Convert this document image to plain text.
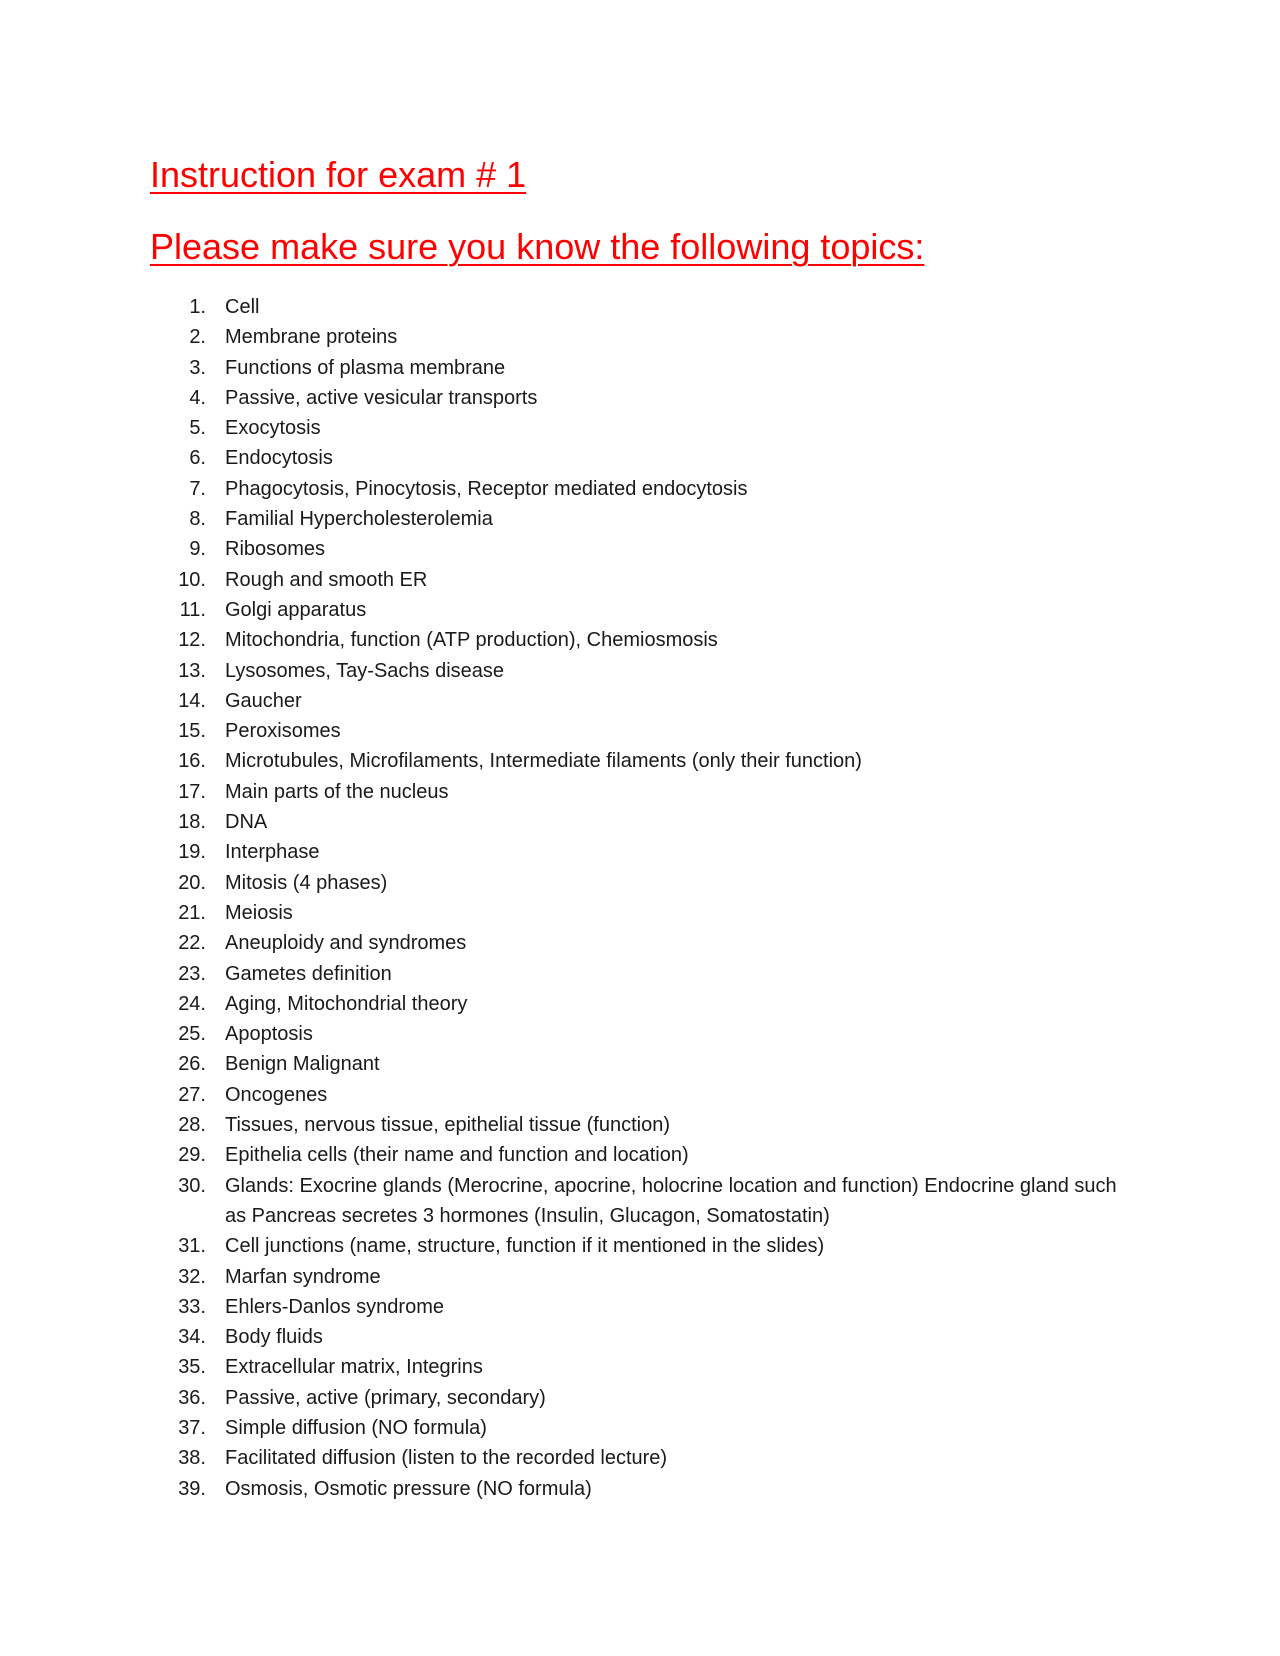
Instruction for exam # 1
Please make sure you know the following topics:
1. Cell
2. Membrane proteins
3. Functions of plasma membrane
4. Passive, active vesicular transports
5. Exocytosis
6. Endocytosis
7. Phagocytosis, Pinocytosis, Receptor mediated endocytosis
8. Familial Hypercholesterolemia
9. Ribosomes
10. Rough and smooth ER
11. Golgi apparatus
12. Mitochondria, function (ATP production), Chemiosmosis
13. Lysosomes, Tay-Sachs disease
14. Gaucher
15. Peroxisomes
16. Microtubules, Microfilaments, Intermediate filaments (only their function)
17. Main parts of the nucleus
18. DNA
19. Interphase
20. Mitosis (4 phases)
21. Meiosis
22. Aneuploidy and syndromes
23. Gametes definition
24. Aging, Mitochondrial theory
25. Apoptosis
26. Benign Malignant
27. Oncogenes
28. Tissues, nervous tissue, epithelial tissue (function)
29. Epithelia cells (their name and function and location)
30. Glands: Exocrine glands (Merocrine, apocrine, holocrine location and function) Endocrine gland such as Pancreas secretes 3 hormones (Insulin, Glucagon, Somatostatin)
31. Cell junctions (name, structure, function if it mentioned in the slides)
32. Marfan syndrome
33. Ehlers-Danlos syndrome
34. Body fluids
35. Extracellular matrix, Integrins
36. Passive, active (primary, secondary)
37. Simple diffusion (NO formula)
38. Facilitated diffusion (listen to the recorded lecture)
39. Osmosis, Osmotic pressure (NO formula)
